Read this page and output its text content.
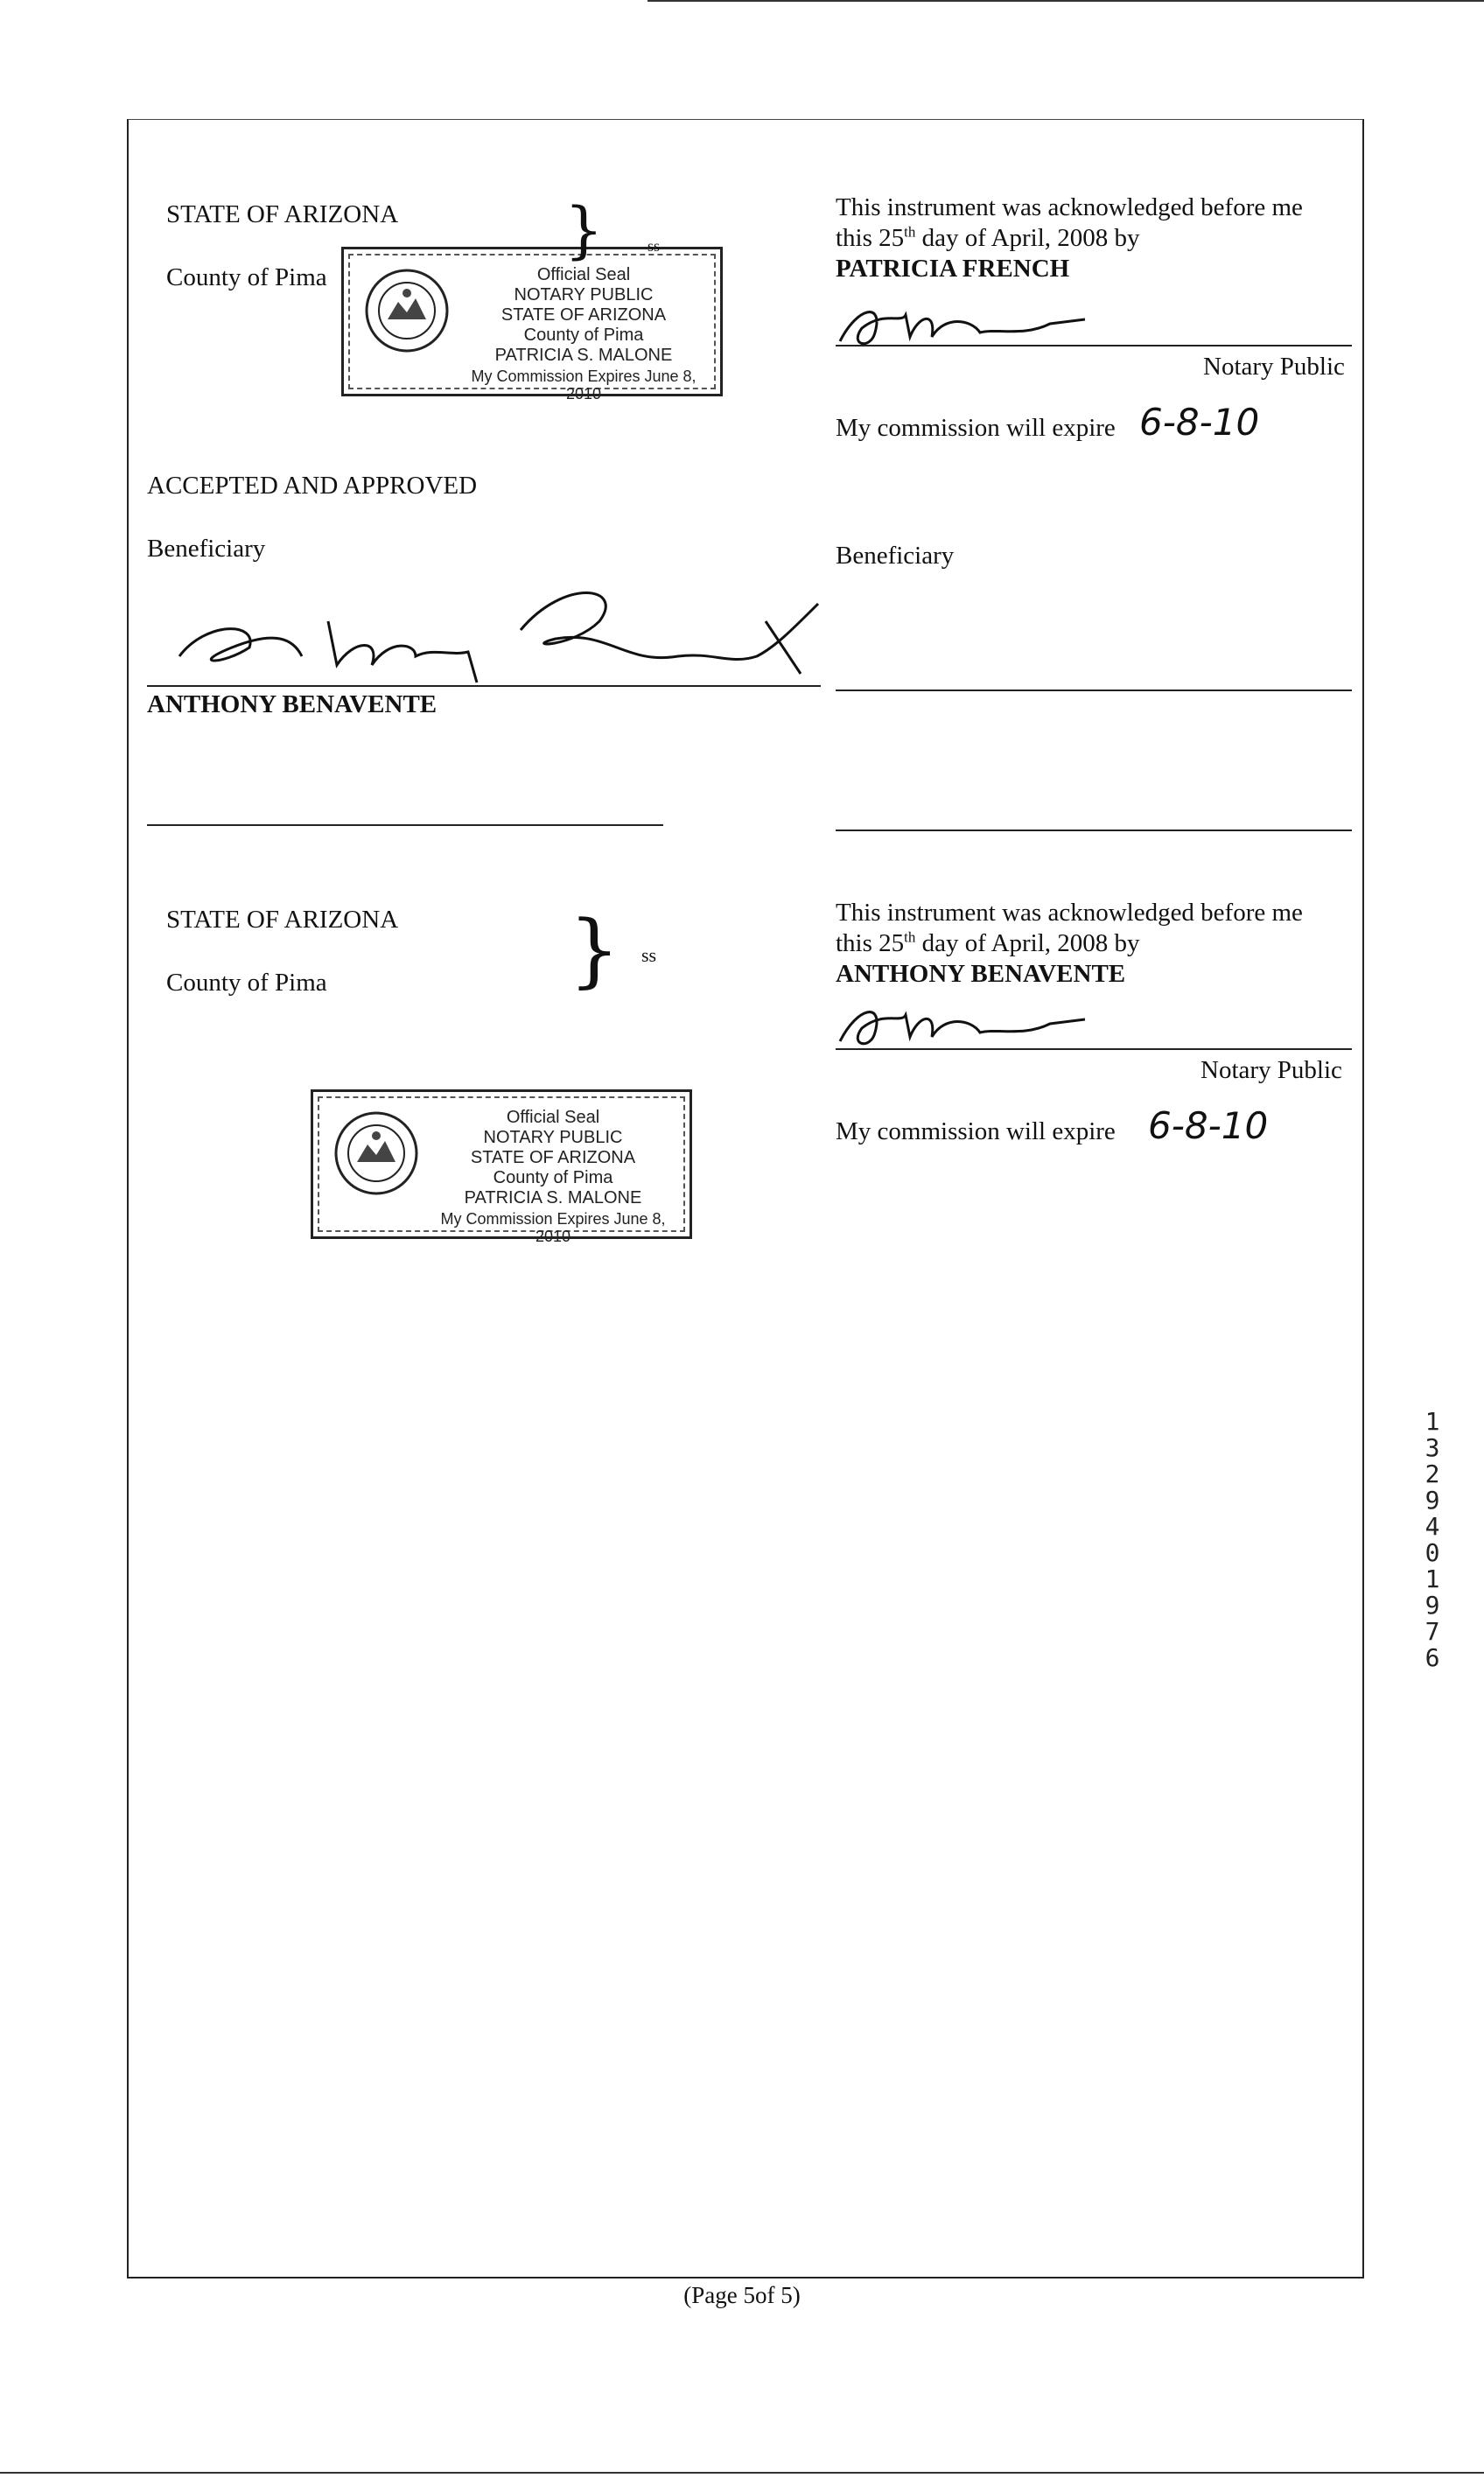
STATE OF ARIZONA
County of Pima	Official Seal
NOTARY PUBLIC
STATE OF ARIZONA
County of Pima
PATRICIA S. MALONE
My Commission Expires June 8, 2010
}	ss
This instrument was acknowledged before me
this 25th day of April, 2008 by
PATRICIA FRENCH
Notary Public
My commission will expire 6-8-10
ACCEPTED AND APPROVED
Beneficiary	Beneficiary
ANTHONY BENAVENTE
STATE OF ARIZONA
County of Pima	} ss
This instrument was acknowledged before me
this 25th day of April, 2008 by
ANTHONY BENAVENTE
Notary Public
My commission will expire 6-8-10
Official Seal
NOTARY PUBLIC
STATE OF ARIZONA
County of Pima
PATRICIA S. MALONE
My Commission Expires June 8, 2010
13294 01976
(Page 5of 5)
